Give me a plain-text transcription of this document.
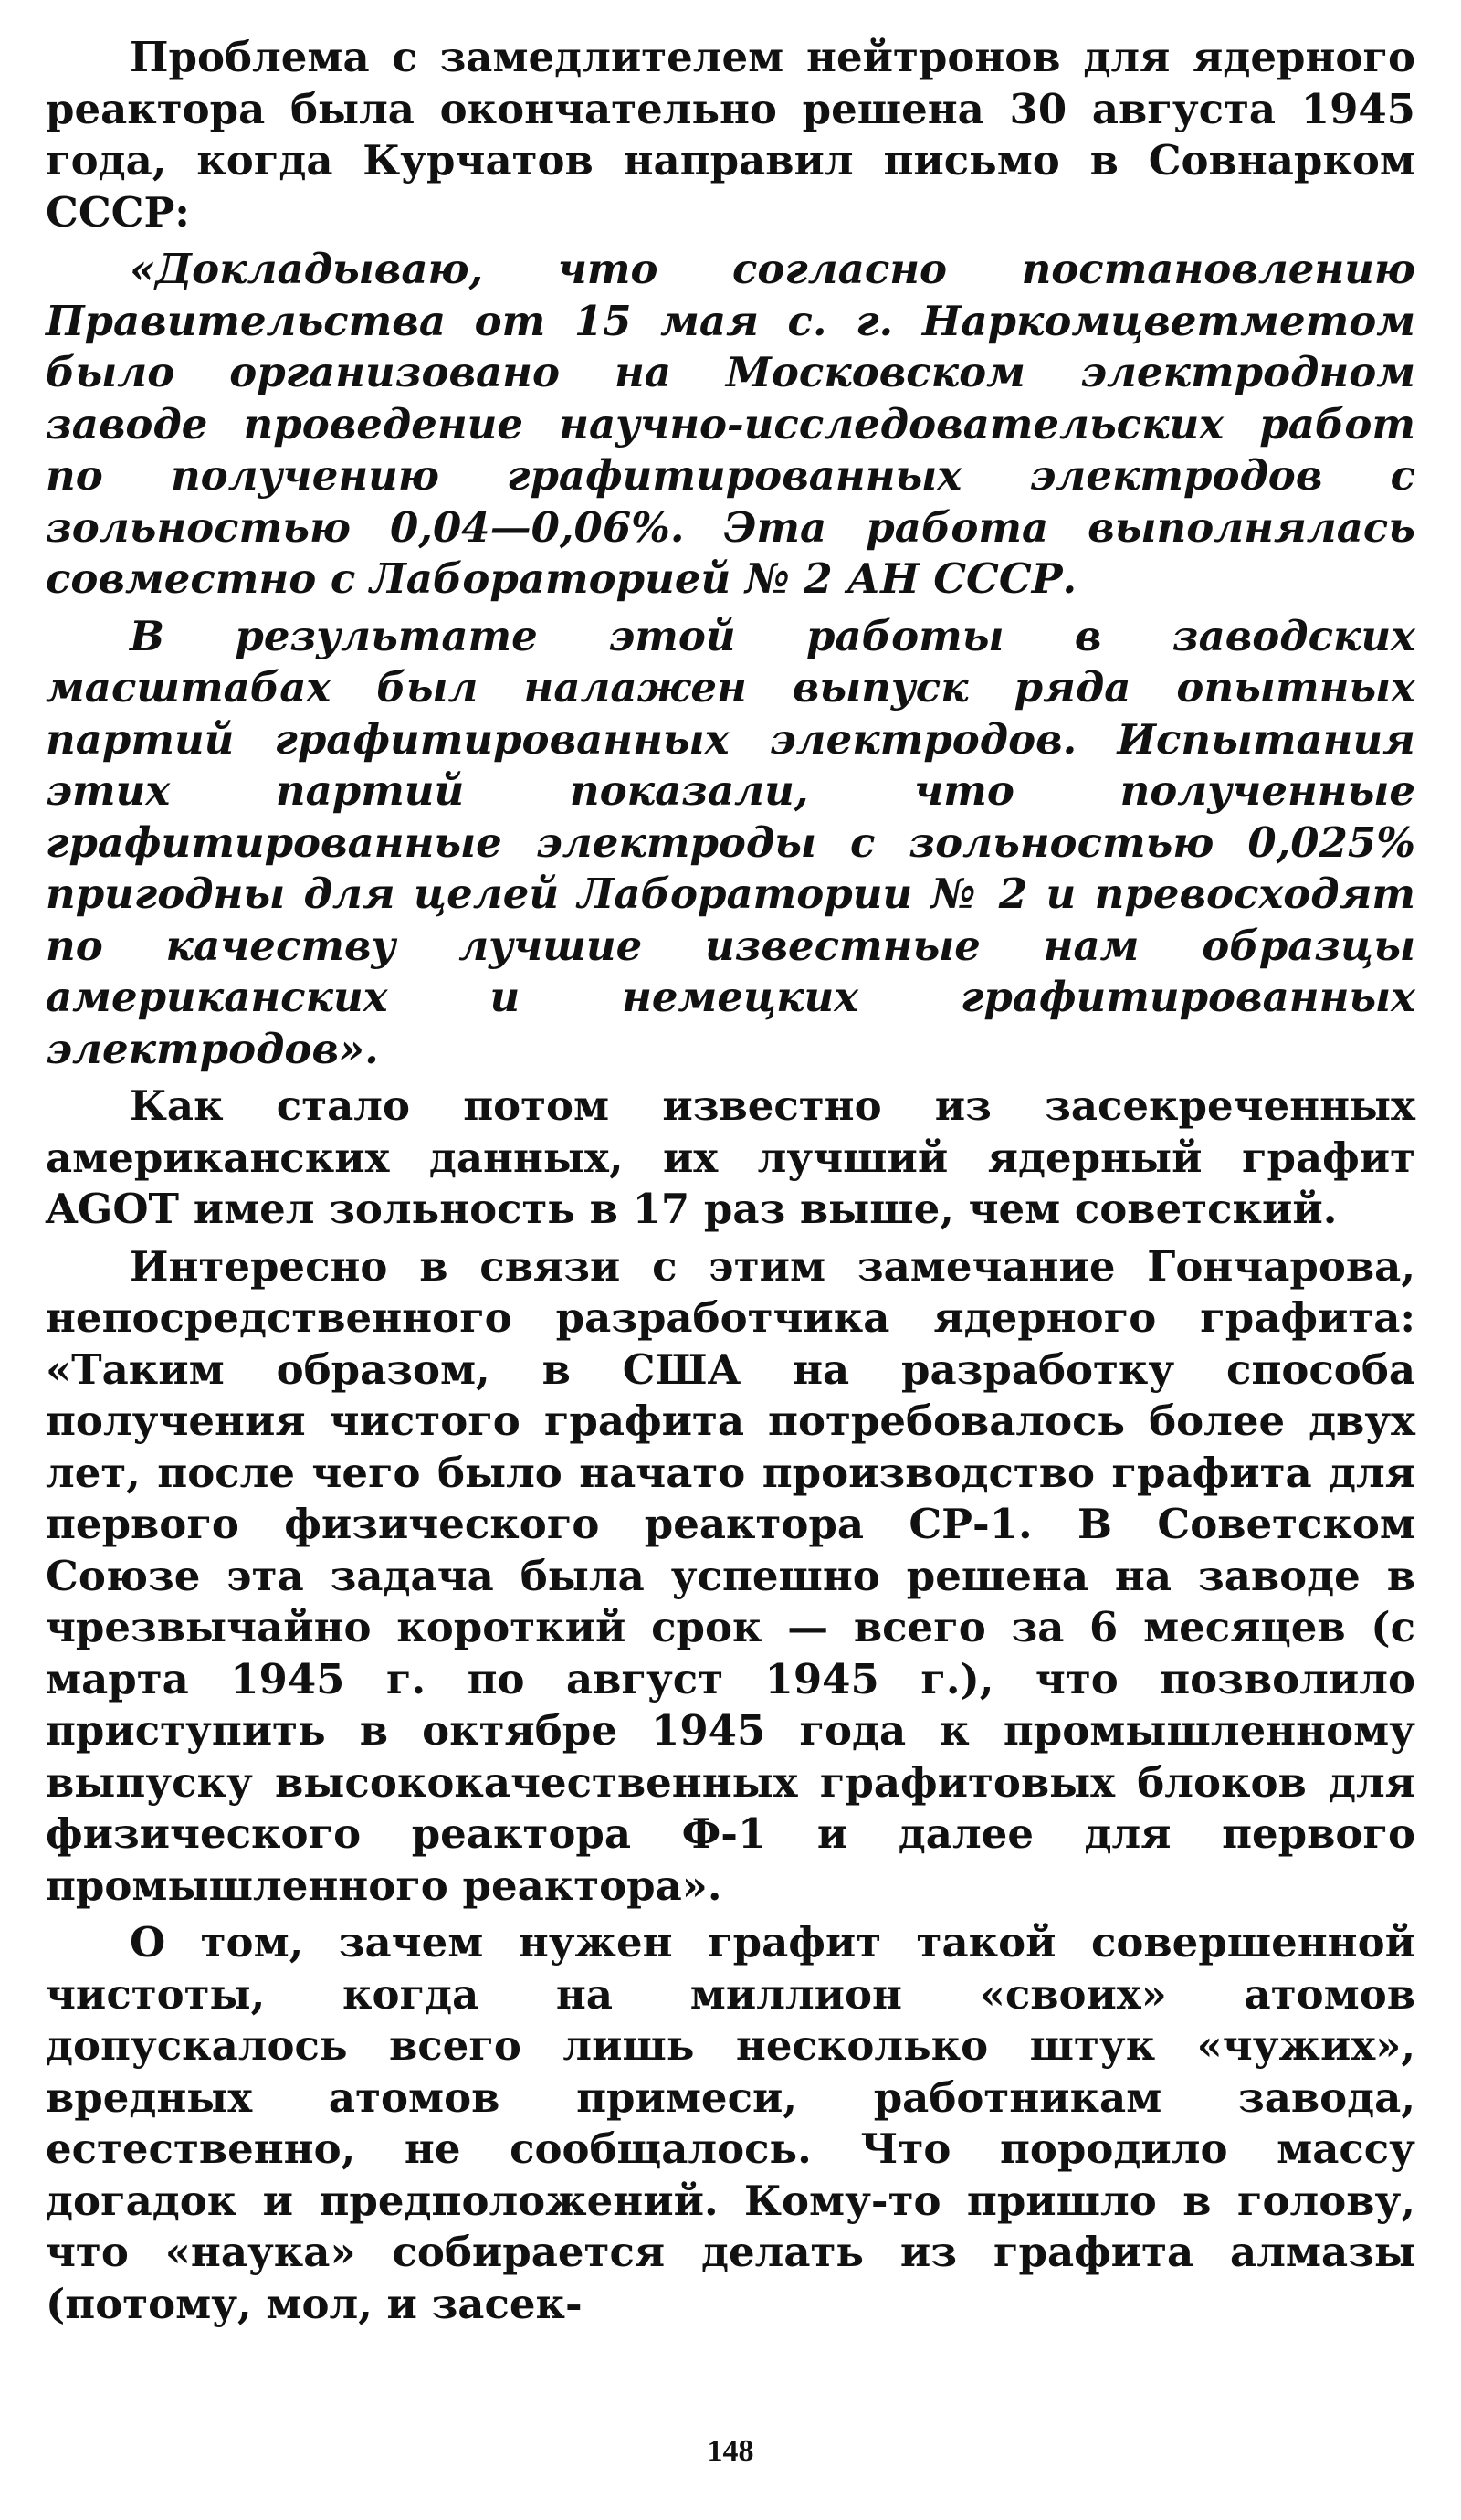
Проблема с замедлителем нейтронов для ядерного реактора была окончательно решена 30 августа 1945 года, когда Курчатов направил письмо в Совнарком СССР:

«Докладываю, что согласно постановлению Правительства от 15 мая с. г. Наркомцветметом было организовано на Московском электродном заводе проведение научно-исследовательских работ по получению графитированных электродов с зольностью 0,04—0,06%. Эта работа выполнялась совместно с Лабораторией № 2 АН СССР.

В результате этой работы в заводских масштабах был налажен выпуск ряда опытных партий графитированных электродов. Испытания этих партий показали, что полученные графитированные электроды с зольностью 0,025% пригодны для целей Лаборатории № 2 и превосходят по качеству лучшие известные нам образцы американских и немецких графитированных электродов».

Как стало потом известно из засекреченных американских данных, их лучший ядерный графит AGOT имел зольность в 17 раз выше, чем советский.

Интересно в связи с этим замечание Гончарова, непосредственного разработчика ядерного графита: «Таким образом, в США на разработку способа получения чистого графита потребовалось более двух лет, после чего было начато производство графита для первого физического реактора СР-1. В Советском Союзе эта задача была успешно решена на заводе в чрезвычайно короткий срок — всего за 6 месяцев (с марта 1945 г. по август 1945 г.), что позволило приступить в октябре 1945 года к промышленному выпуску высококачественных графитовых блоков для физического реактора Ф-1 и далее для первого промышленного реактора».

О том, зачем нужен графит такой совершенной чистоты, когда на миллион «своих» атомов допускалось всего лишь несколько штук «чужих», вредных атомов примеси, работникам завода, естественно, не сообщалось. Что породило массу догадок и предположений. Кому-то пришло в голову, что «наука» собирается делать из графита алмазы (потому, мол, и засек-

148
